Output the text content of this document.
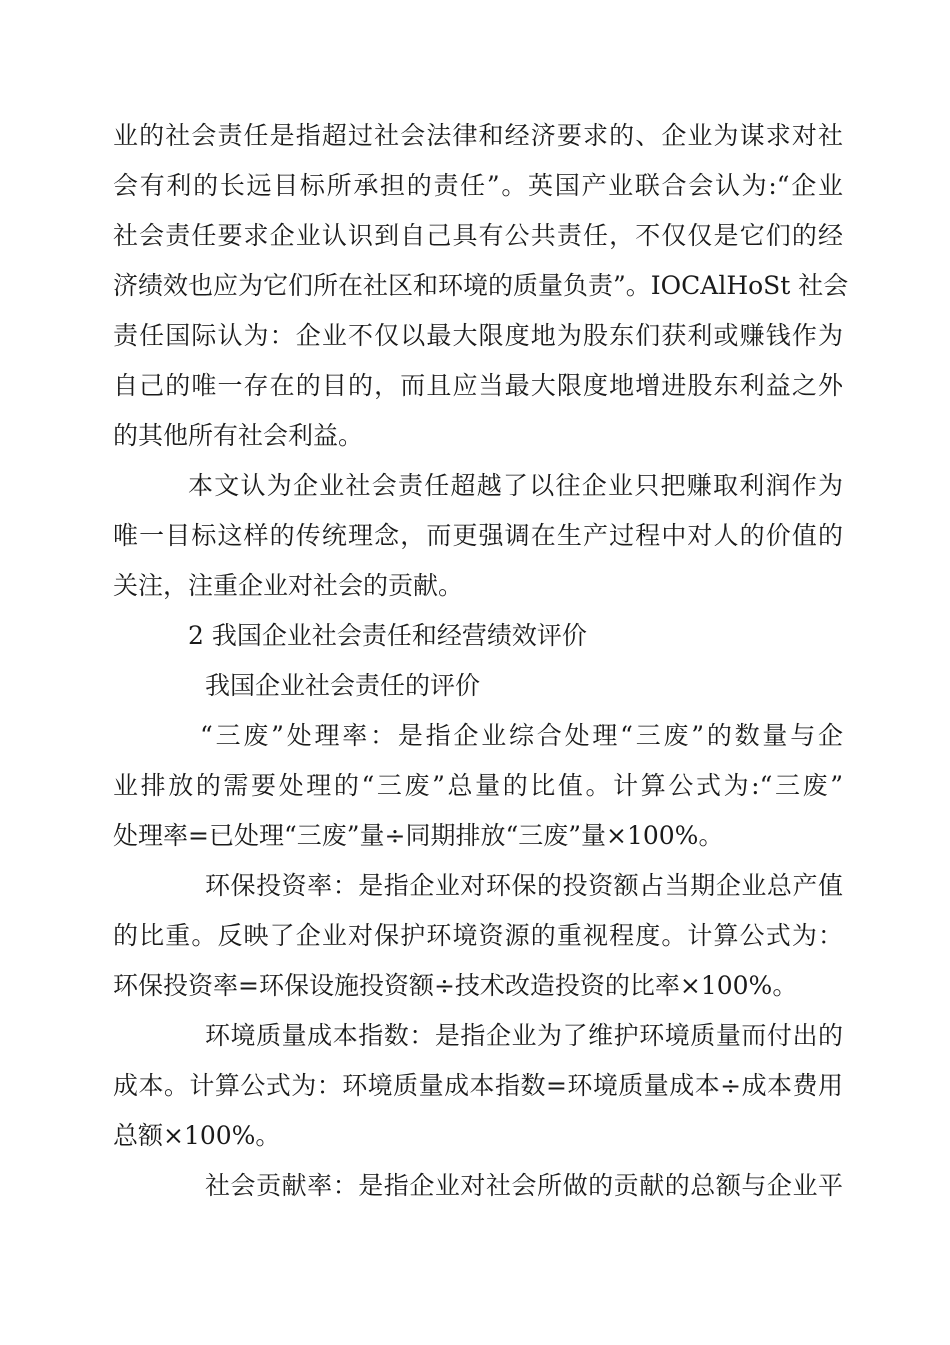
业的社会责任是指超过社会法律和经济要求的、企业为谋求对社
会有利的长远目标所承担的责任”。英国产业联合会认为:“企业
社会责任要求企业认识到自己具有公共责任，不仅仅是它们的经
济绩效也应为它们所在社区和环境的质量负责”。IOCAlHoSt 社会
责任国际认为：企业不仅以最大限度地为股东们获利或赚钱作为
自己的唯一存在的目的，而且应当最大限度地增进股东利益之外
的其他所有社会利益。
本文认为企业社会责任超越了以往企业只把赚取利润作为
唯一目标这样的传统理念，而更强调在生产过程中对人的价值的
关注，注重企业对社会的贡献。
2 我国企业社会责任和经营绩效评价
我国企业社会责任的评价
“三废”处理率：是指企业综合处理“三废”的数量与企
业排放的需要处理的“三废”总量的比值。计算公式为:“三废”
处理率=已处理“三废”量÷同期排放“三废”量×100%。
环保投资率：是指企业对环保的投资额占当期企业总产值
的比重。反映了企业对保护环境资源的重视程度。计算公式为：
环保投资率=环保设施投资额÷技术改造投资的比率×100%。
环境质量成本指数：是指企业为了维护环境质量而付出的
成本。计算公式为：环境质量成本指数=环境质量成本÷成本费用
总额×100%。
社会贡献率：是指企业对社会所做的贡献的总额与企业平
